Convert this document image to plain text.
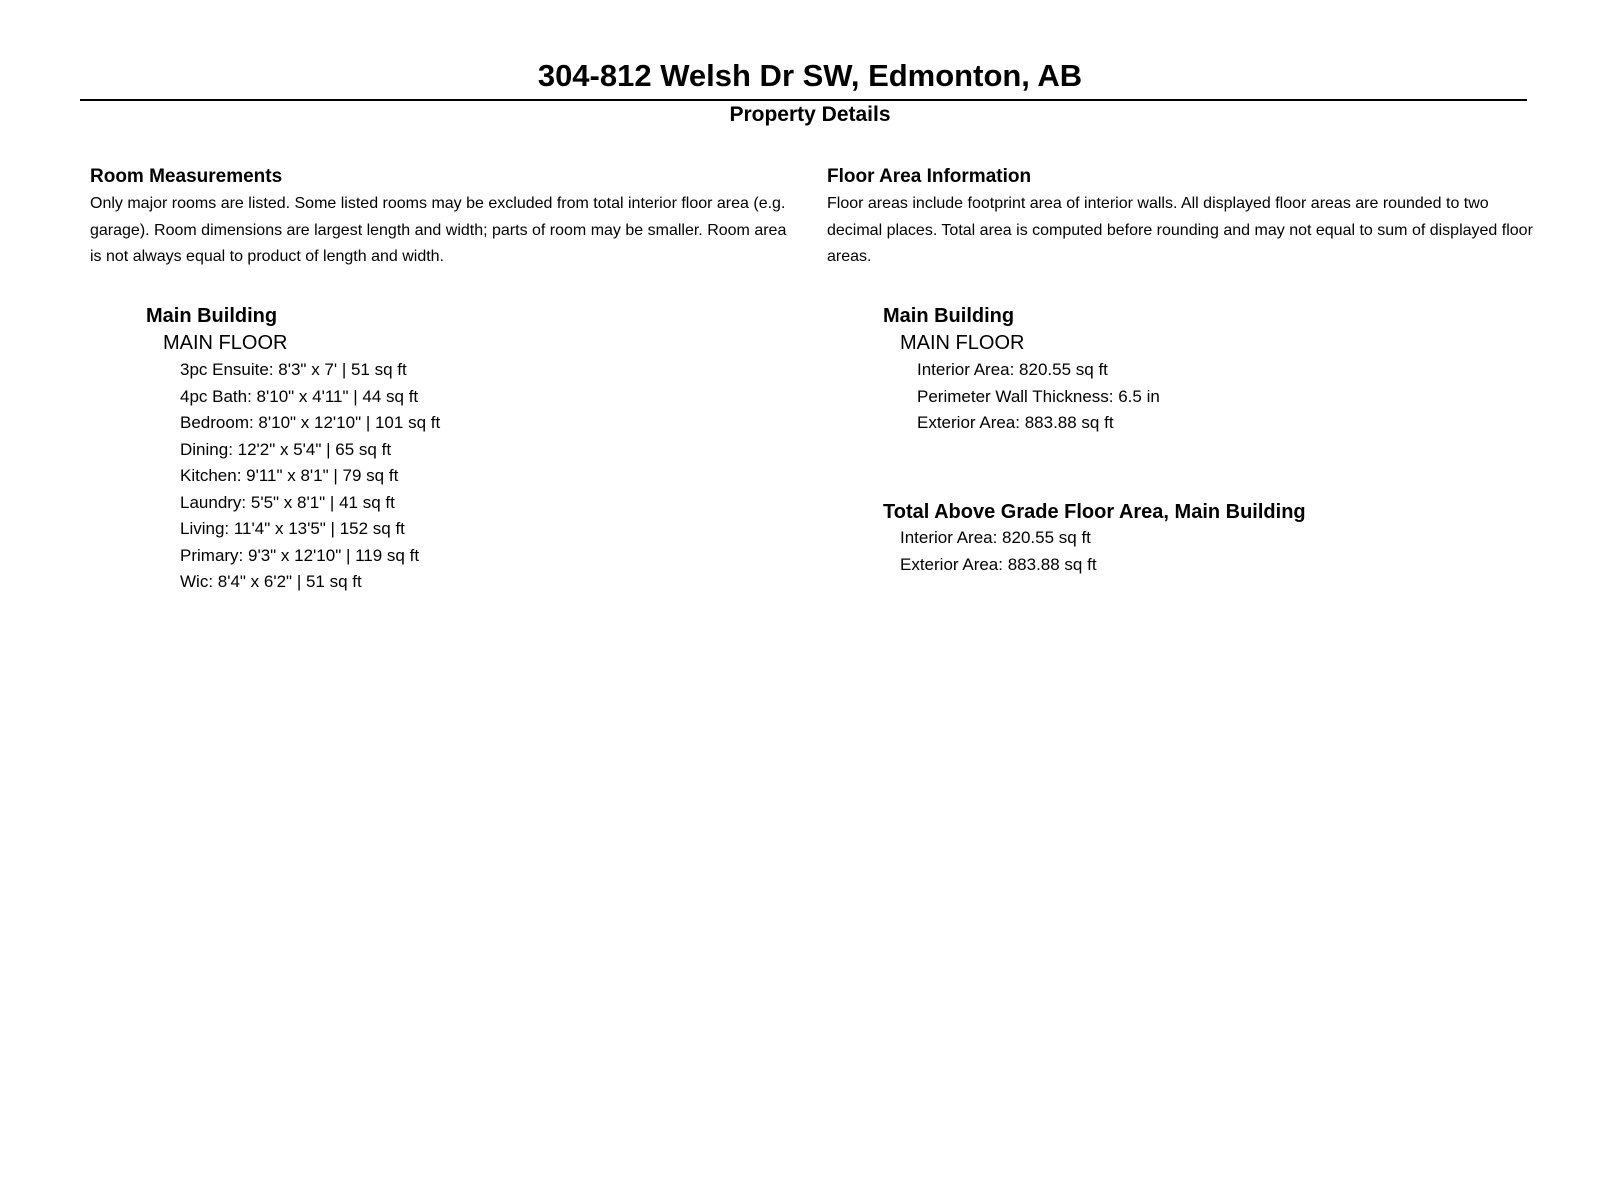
304-812 Welsh Dr SW, Edmonton, AB
Property Details
Room Measurements
Only major rooms are listed. Some listed rooms may be excluded from total interior floor area (e.g. garage). Room dimensions are largest length and width; parts of room may be smaller. Room area is not always equal to product of length and width.
Main Building
MAIN FLOOR
3pc Ensuite: 8'3" x 7' | 51 sq ft
4pc Bath: 8'10" x 4'11" | 44 sq ft
Bedroom: 8'10" x 12'10" | 101 sq ft
Dining: 12'2" x 5'4" | 65 sq ft
Kitchen: 9'11" x 8'1" | 79 sq ft
Laundry: 5'5" x 8'1" | 41 sq ft
Living: 11'4" x 13'5" | 152 sq ft
Primary: 9'3" x 12'10" | 119 sq ft
Wic: 8'4" x 6'2" | 51 sq ft
Floor Area Information
Floor areas include footprint area of interior walls. All displayed floor areas are rounded to two decimal places. Total area is computed before rounding and may not equal to sum of displayed floor areas.
Main Building
MAIN FLOOR
Interior Area: 820.55 sq ft
Perimeter Wall Thickness: 6.5 in
Exterior Area: 883.88 sq ft
Total Above Grade Floor Area, Main Building
Interior Area: 820.55 sq ft
Exterior Area: 883.88 sq ft
